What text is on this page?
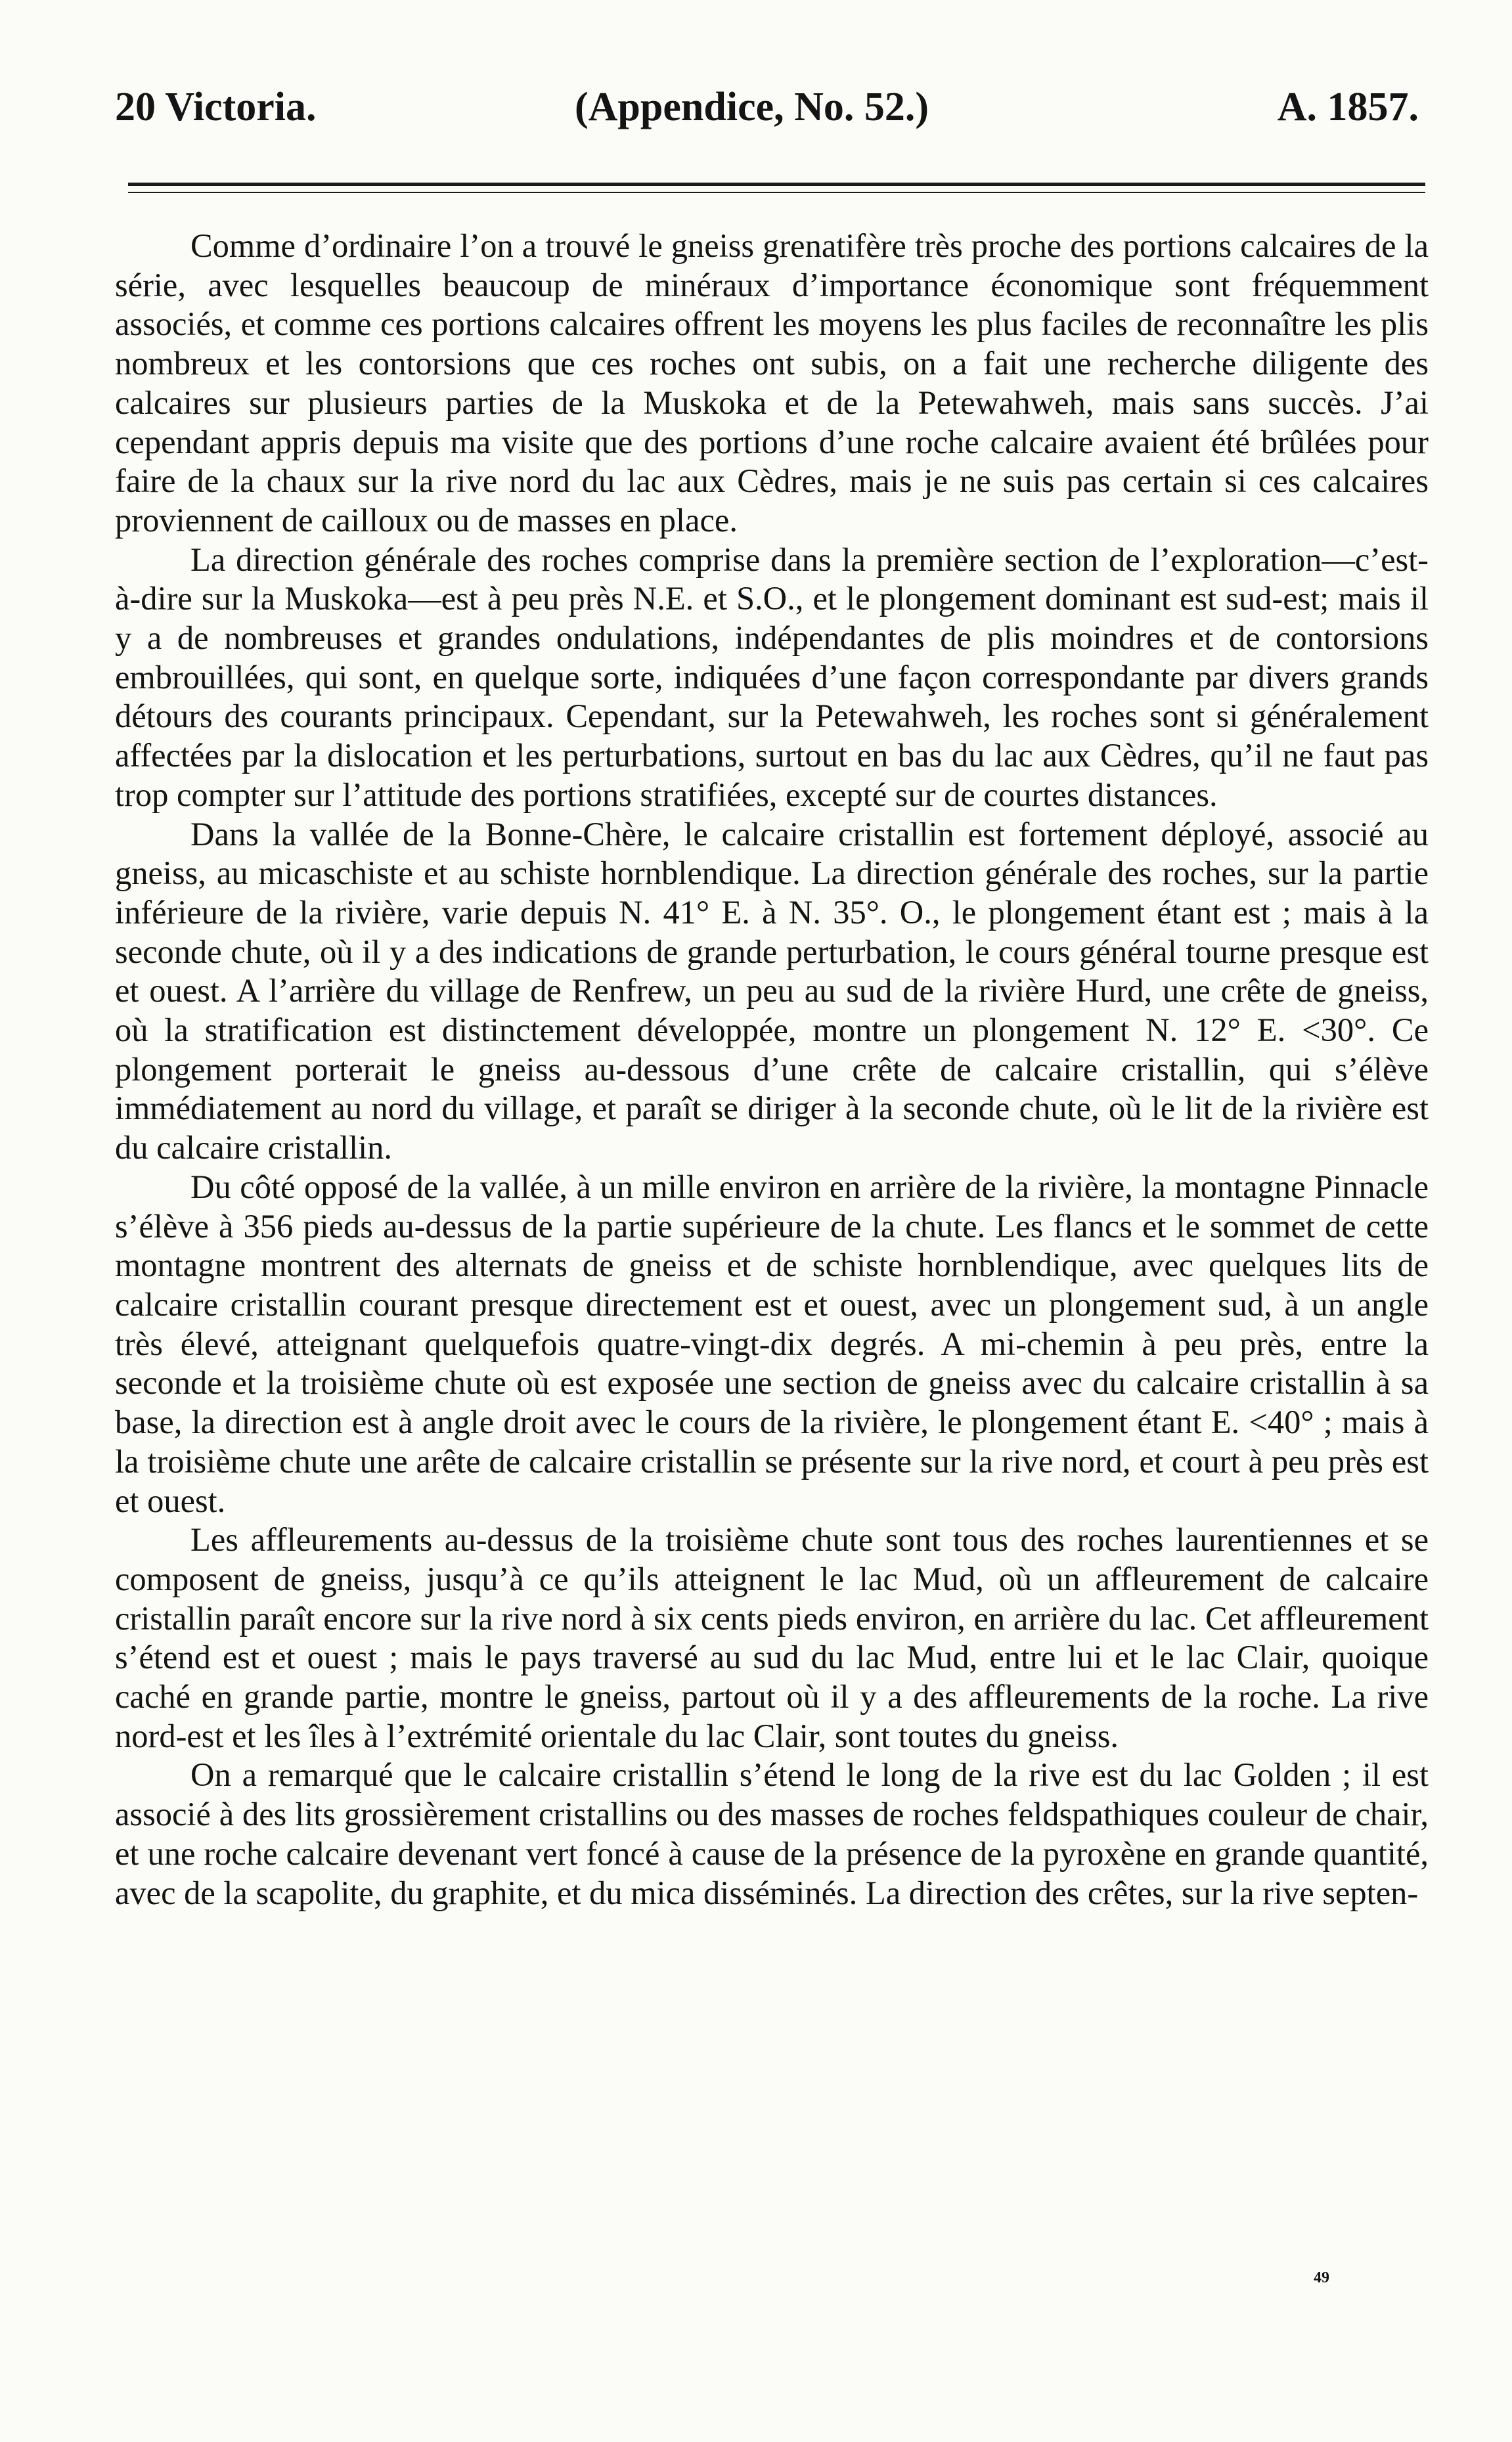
20 Victoria.	(Appendice, No. 52.)	A. 1857.

Comme d’ordinaire l’on a trouvé le gneiss grenatifère très proche des portions calcaires de la série, avec lesquelles beaucoup de minéraux d’importance économique sont fréquemment associés, et comme ces portions calcaires offrent les moyens les plus faciles de reconnaître les plis nombreux et les contorsions que ces roches ont subis, on a fait une recherche diligente des calcaires sur plusieurs parties de la Muskoka et de la Petewahweh, mais sans succès. J’ai cependant appris depuis ma visite que des portions d’une roche calcaire avaient été brûlées pour faire de la chaux sur la rive nord du lac aux Cèdres, mais je ne suis pas certain si ces calcaires proviennent de cailloux ou de masses en place.

La direction générale des roches comprise dans la première section de l’exploration—c’est-à-dire sur la Muskoka—est à peu près N.E. et S.O., et le plongement dominant est sud-est; mais il y a de nombreuses et grandes ondulations, indépendantes de plis moindres et de contorsions embrouillées, qui sont, en quelque sorte, indiquées d’une façon correspondante par divers grands détours des courants principaux. Cependant, sur la Petewahweh, les roches sont si généralement affectées par la dislocation et les perturbations, surtout en bas du lac aux Cèdres, qu’il ne faut pas trop compter sur l’attitude des portions stratifiées, excepté sur de courtes distances.

Dans la vallée de la Bonne-Chère, le calcaire cristallin est fortement déployé, associé au gneiss, au micaschiste et au schiste hornblendique. La direction générale des roches, sur la partie inférieure de la rivière, varie depuis N. 41° E. à N. 35°. O., le plongement étant est ; mais à la seconde chute, où il y a des indications de grande perturbation, le cours général tourne presque est et ouest. A l’arrière du village de Renfrew, un peu au sud de la rivière Hurd, une crête de gneiss, où la stratification est distinctement développée, montre un plongement N. 12° E. <30°. Ce plongement porterait le gneiss au-dessous d’une crête de calcaire cristallin, qui s’élève immédiatement au nord du village, et paraît se diriger à la seconde chute, où le lit de la rivière est du calcaire cristallin.

Du côté opposé de la vallée, à un mille environ en arrière de la rivière, la montagne Pinnacle s’élève à 356 pieds au-dessus de la partie supérieure de la chute. Les flancs et le sommet de cette montagne montrent des alternats de gneiss et de schiste hornblendique, avec quelques lits de calcaire cristallin courant presque directement est et ouest, avec un plongement sud, à un angle très élevé, atteignant quelquefois quatre-vingt-dix degrés. A mi-chemin à peu près, entre la seconde et la troisième chute où est exposée une section de gneiss avec du calcaire cristallin à sa base, la direction est à angle droit avec le cours de la rivière, le plongement étant E. <40° ; mais à la troisième chute une arête de calcaire cristallin se présente sur la rive nord, et court à peu près est et ouest.

Les affleurements au-dessus de la troisième chute sont tous des roches laurentiennes et se composent de gneiss, jusqu’à ce qu’ils atteignent le lac Mud, où un affleurement de calcaire cristallin paraît encore sur la rive nord à six cents pieds environ, en arrière du lac. Cet affleurement s’étend est et ouest ; mais le pays traversé au sud du lac Mud, entre lui et le lac Clair, quoique caché en grande partie, montre le gneiss, partout où il y a des affleurements de la roche. La rive nord-est et les îles à l’extrémité orientale du lac Clair, sont toutes du gneiss.

On a remarqué que le calcaire cristallin s’étend le long de la rive est du lac Golden ; il est associé à des lits grossièrement cristallins ou des masses de roches feldspathiques couleur de chair, et une roche calcaire devenant vert foncé à cause de la présence de la pyroxène en grande quantité, avec de la scapolite, du graphite, et du mica disséminés. La direction des crêtes, sur la rive septen-

49
